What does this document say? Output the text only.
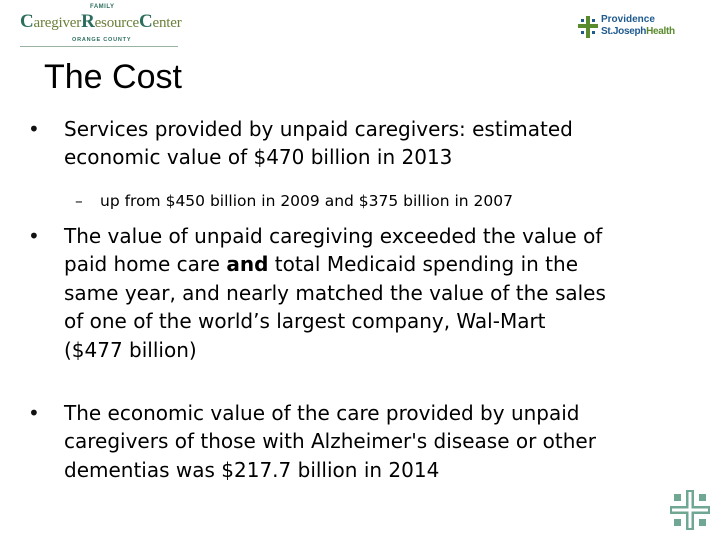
FAMILY
CaregiverResourceCenter
ORANGE COUNTY
Providence
St.JosephHealth
The Cost
• Services provided by unpaid caregivers: estimated
economic value of $470 billion in 2013
– up from $450 billion in 2009 and $375 billion in 2007
• The value of unpaid caregiving exceeded the value of
paid home care and total Medicaid spending in the
same year, and nearly matched the value of the sales
of one of the world’s largest company, Wal-Mart
($477 billion)
• The economic value of the care provided by unpaid
caregivers of those with Alzheimer's disease or other
dementias was $217.7 billion in 2014
